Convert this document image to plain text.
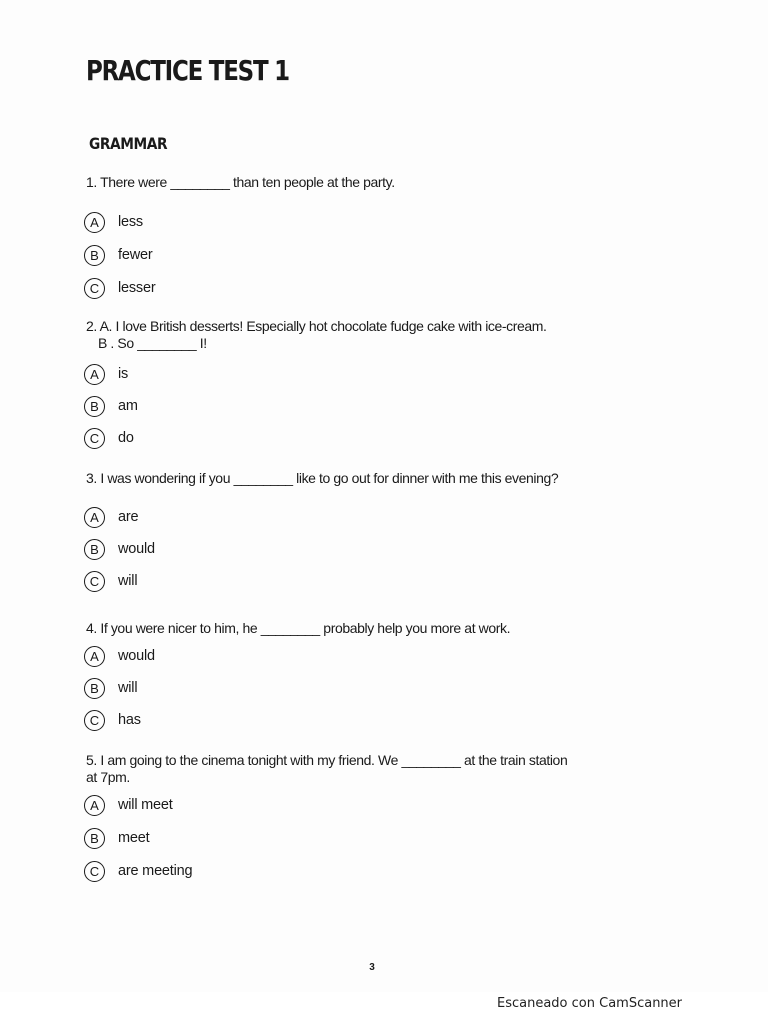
PRACTICE TEST 1
GRAMMAR
1. There were ________ than ten people at the party.
A	less
B	fewer
C	lesser
2. A. I love British desserts! Especially hot chocolate fudge cake with ice-cream.
B . So ________ I!
A	is
B	am
C	do
3. I was wondering if you ________ like to go out for dinner with me this evening?
A	are
B	would
C	will
4. If you were nicer to him, he ________ probably help you more at work.
A	would
B	will
C	has
5. I am going to the cinema tonight with my friend. We ________ at the train station
at 7pm.
A	will meet
B	meet
C	are meeting
3
Escaneado con CamScanner
